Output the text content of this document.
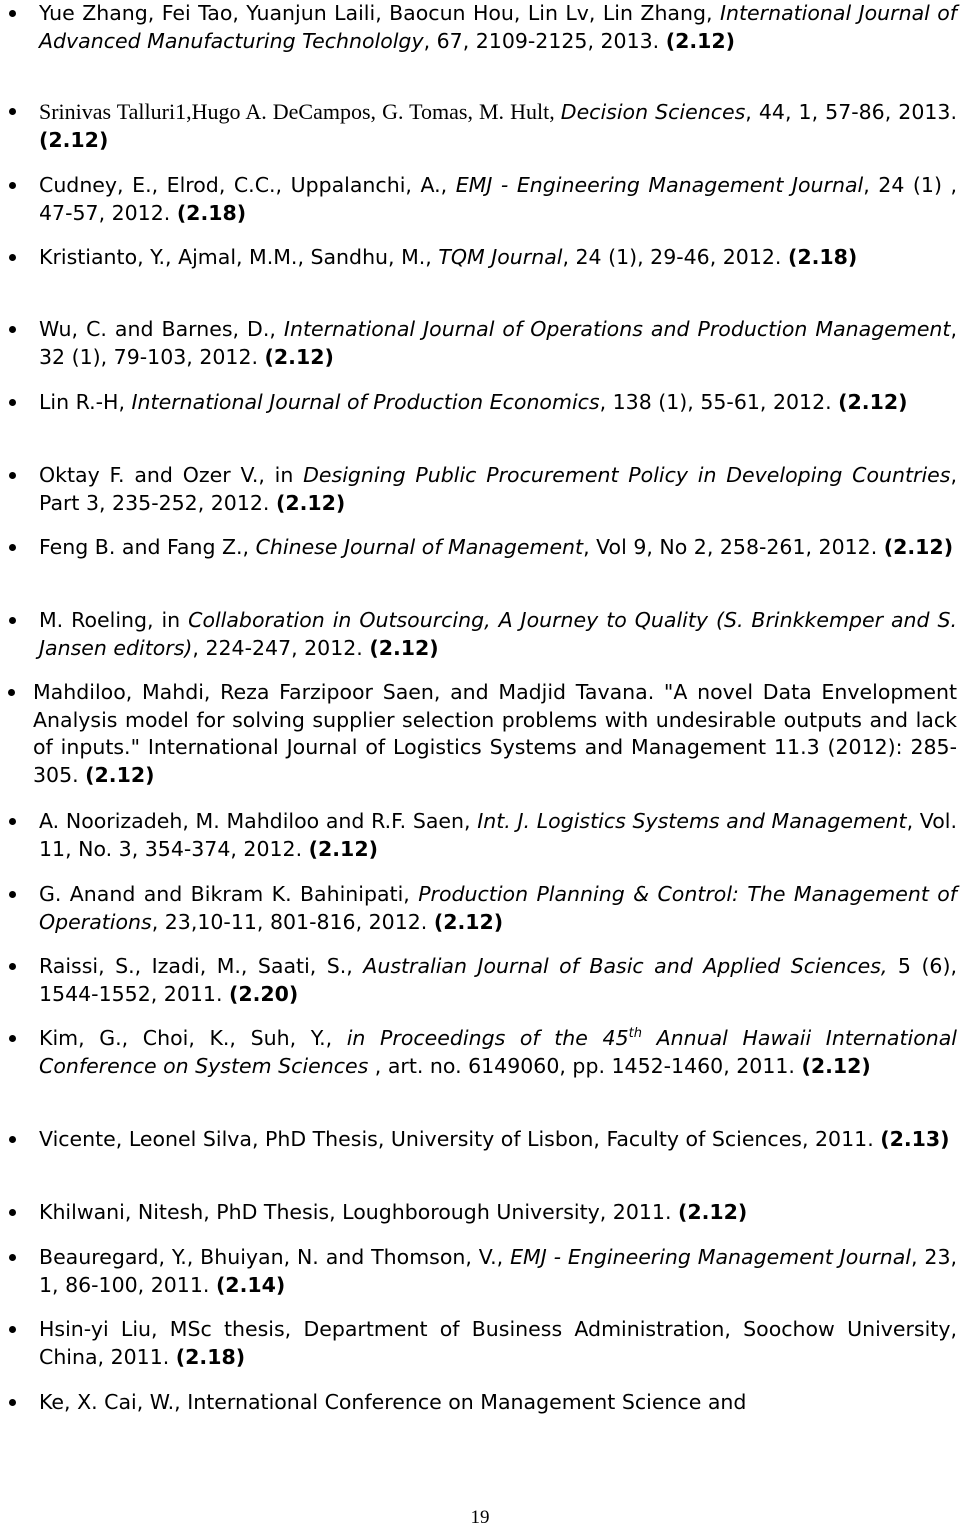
Yue Zhang, Fei Tao, Yuanjun Laili, Baocun Hou, Lin Lv, Lin Zhang, International Journal of Advanced Manufacturing Technololgy, 67, 2109-2125, 2013. (2.12)
Srinivas Talluri1,Hugo A. DeCampos, G. Tomas, M. Hult, Decision Sciences, 44, 1, 57-86, 2013. (2.12)
Cudney, E., Elrod, C.C., Uppalanchi, A., EMJ - Engineering Management Journal, 24 (1) , 47-57, 2012. (2.18)
Kristianto, Y., Ajmal, M.M., Sandhu, M., TQM Journal, 24 (1), 29-46, 2012. (2.18)
Wu, C. and Barnes, D., International Journal of Operations and Production Management, 32 (1), 79-103, 2012. (2.12)
Lin R.-H, International Journal of Production Economics, 138 (1), 55-61, 2012. (2.12)
Oktay F. and Ozer V., in Designing Public Procurement Policy in Developing Countries, Part 3, 235-252, 2012. (2.12)
Feng B. and Fang Z., Chinese Journal of Management, Vol 9, No 2, 258-261, 2012. (2.12)
M. Roeling, in Collaboration in Outsourcing, A Journey to Quality (S. Brinkkemper and S. Jansen editors), 224-247, 2012. (2.12)
Mahdiloo, Mahdi, Reza Farzipoor Saen, and Madjid Tavana. "A novel Data Envelopment Analysis model for solving supplier selection problems with undesirable outputs and lack of inputs." International Journal of Logistics Systems and Management 11.3 (2012): 285-305. (2.12)
A. Noorizadeh, M. Mahdiloo and R.F. Saen, Int. J. Logistics Systems and Management, Vol. 11, No. 3, 354-374, 2012. (2.12)
G. Anand and Bikram K. Bahinipati, Production Planning & Control: The Management of Operations, 23,10-11, 801-816, 2012. (2.12)
Raissi, S., Izadi, M., Saati, S., Australian Journal of Basic and Applied Sciences, 5 (6), 1544-1552, 2011. (2.20)
Kim, G., Choi, K., Suh, Y., in Proceedings of the 45th Annual Hawaii International Conference on System Sciences , art. no. 6149060, pp. 1452-1460, 2011. (2.12)
Vicente, Leonel Silva, PhD Thesis, University of Lisbon, Faculty of Sciences, 2011. (2.13)
Khilwani, Nitesh, PhD Thesis, Loughborough University, 2011. (2.12)
Beauregard, Y., Bhuiyan, N. and Thomson, V., EMJ - Engineering Management Journal, 23, 1, 86-100, 2011. (2.14)
Hsin-yi Liu, MSc thesis, Department of Business Administration, Soochow University, China, 2011. (2.18)
Ke, X. Cai, W., International Conference on Management Science and
19
